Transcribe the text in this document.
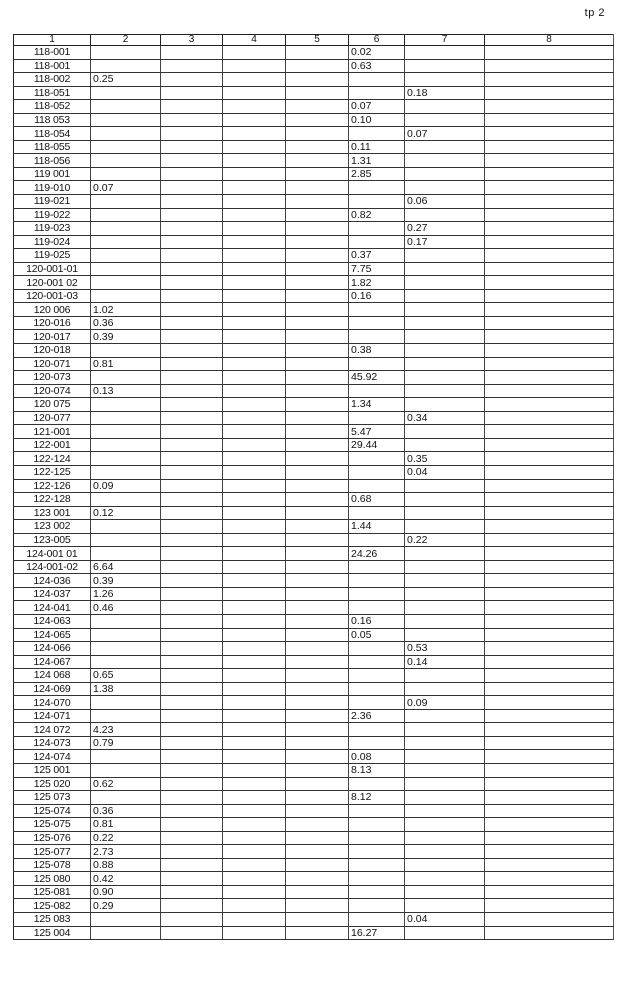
tp 2
1	2	3	4	5	6	7	8
118-001					0.02		
118-001					0.63		
118-002	0.25						
118-051						0.18	
118-052					0.07		
118 053					0.10		
118-054						0.07	
118-055					0.11		
118-056					1.31		
119 001					2.85		
119-010	0.07						
119-021						0.06	
119-022					0.82		
119-023						0.27	
119-024						0.17	
119-025					0.37		
120-001-01					7.75		
120-001 02					1.82		
120-001-03					0.16		
120 006	1.02						
120-016	0.36						
120-017	0.39						
120-018					0.38		
120-071	0.81						
120-073					45.92		
120-074	0.13						
120 075					1.34		
120-077						0.34	
121-001					5.47		
122-001					29.44		
122-124						0.35	
122-125						0.04	
122-126	0.09						
122-128					0.68		
123 001	0.12						
123 002					1.44		
123-005						0.22	
124-001 01					24.26		
124-001-02	6.64						
124-036	0.39						
124-037	1.26						
124-041	0.46						
124-063					0.16		
124-065					0.05		
124-066						0.53	
124-067						0.14	
124 068	0.65						
124-069	1.38						
124-070						0.09	
124-071					2.36		
124 072	4.23						
124-073	0.79						
124-074					0.08		
125 001					8.13		
125 020	0.62						
125 073					8.12		
125-074	0.36						
125-075	0.81						
125-076	0.22						
125-077	2.73						
125-078	0.88						
125 080	0.42						
125-081	0.90						
125-082	0.29						
125 083						0.04	
125 004					16.27		
